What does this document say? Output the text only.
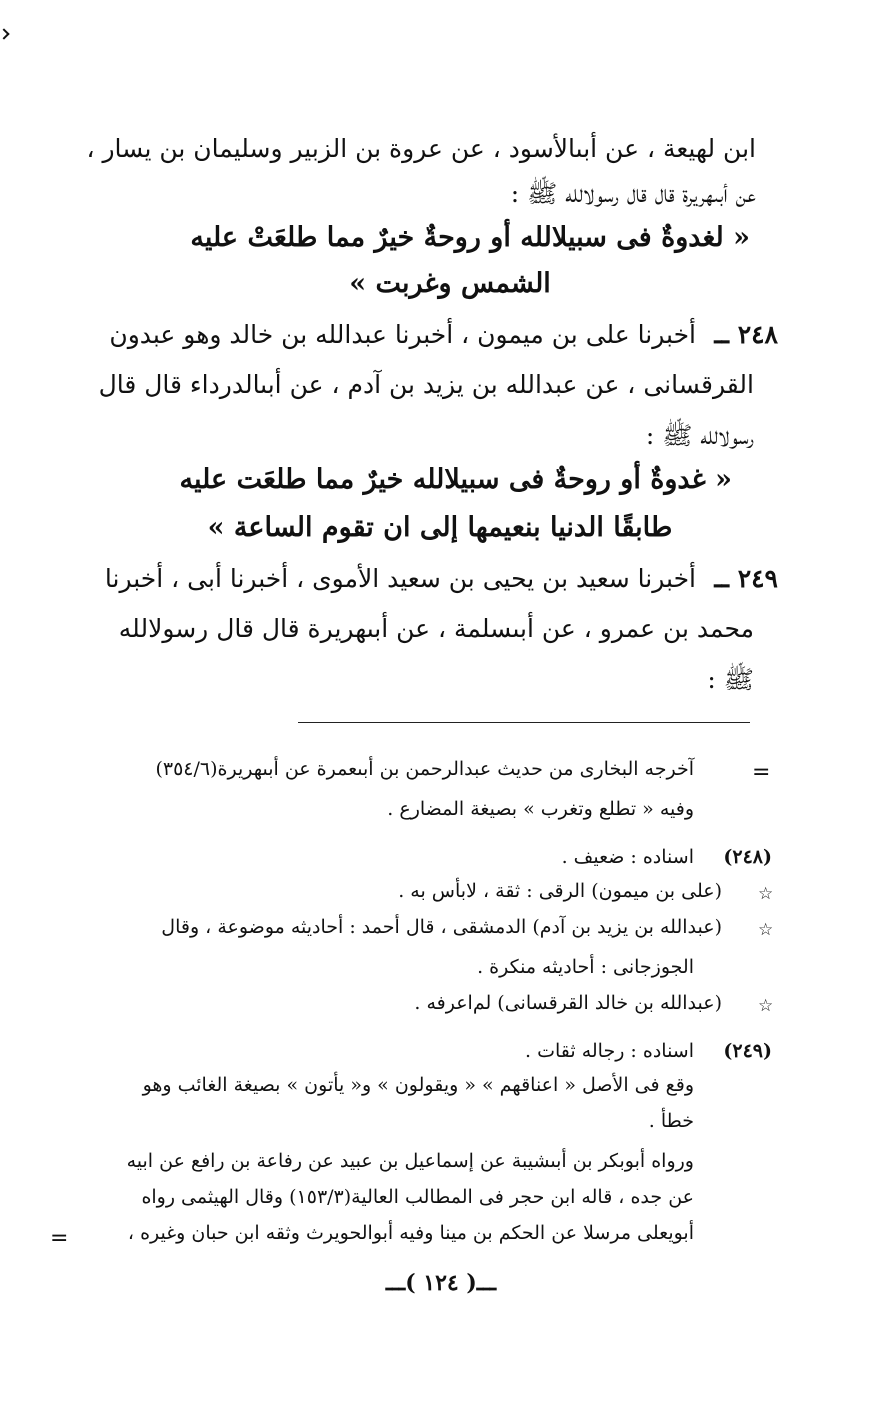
ابن لهيعة ، عن أبىالأسود ، عن عروة بن الزبير وسليمان بن يسار ،
عن أبىهريرة قال قال رسولالله ﷺ :
« لغدوةٌ فى سبيلالله أو روحةٌ خيرٌ مما طلعَتْ عليه
الشمس وغربت »
٢٤٨ ــ
أخبرنا على بن ميمون ، أخبرنا عبدالله بن خالد وهو عبدون
القرقسانى ، عن عبدالله بن يزيد بن آدم ، عن أبىالدرداء قال قال
رسولالله ﷺ :
« غدوةٌ أو روحةٌ فى سبيلالله خيرٌ مما طلعَت عليه
طابقًا الدنيا بنعيمها إلى ان تقوم الساعة »
٢٤٩ ــ
أخبرنا سعيد بن يحيى بن سعيد الأموى ، أخبرنا أبى ، أخبرنا
محمد بن عمرو ، عن أبىسلمة ، عن أبىهريرة قال قال رسولالله
ﷺ :
=
آخرجه البخارى من حديث عبدالرحمن بن أبىعمرة عن أبىهريرة(٣٥٤/٦)
وفيه « تطلع وتغرب » بصيغة المضارع .
(٢٤٨)
اسناده : ضعيف .
☆
(على بن ميمون) الرقى : ثقة ، لابأس به .
☆
(عبدالله بن يزيد بن آدم) الدمشقى ، قال أحمد : أحاديثه موضوعة ، وقال
الجوزجانى : أحاديثه منكرة .
☆
(عبدالله بن خالد القرقسانى) لم‌اعرفه .
(٢٤٩)
اسناده : رجاله ثقات .
وقع فى الأصل « اعناقهم » « ويقولون » و« يأتون » بصيغة الغائب وهو
خطأ .
ورواه أبوبكر بن أبىشيبة عن إسماعيل بن عبيد عن رفاعة بن رافع عن ابيه
عن جده ، قاله ابن حجر فى المطالب العالية(١٥٣/٣) وقال الهيثمى رواه
أبويعلى مرسلا عن الحكم بن مينا وفيه أبوالحويرث وثقه ابن حبان وغيره ،
=
ـــ( ١٢٤ )ـــ
